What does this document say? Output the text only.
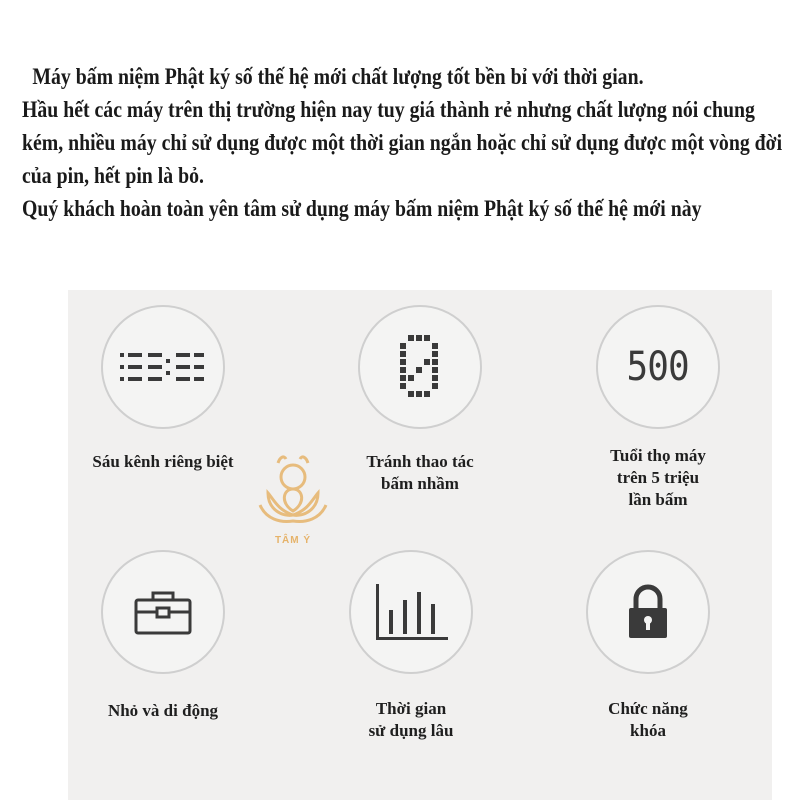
Máy bấm niệm Phật ký số thế hệ mới chất lượng tốt bền bỉ với thời gian.

Hầu hết các máy trên thị trường hiện nay tuy giá thành rẻ nhưng chất lượng nói chung

kém, nhiều máy chỉ sử dụng được một thời gian ngắn hoặc chỉ sử dụng được một vòng đời

của pin, hết pin là bỏ.

Quý khách hoàn toàn yên tâm sử dụng máy bấm niệm Phật ký số thế hệ mới này

Sáu kênh riêng biệt	Tránh thao tác
bấm nhầm
500
Tuổi thọ máy
trên 5 triệu
lần bấm
Nhỏ và di động	Thời gian
sử dụng lâu
Chức năng
khóa
TÂM Ý
